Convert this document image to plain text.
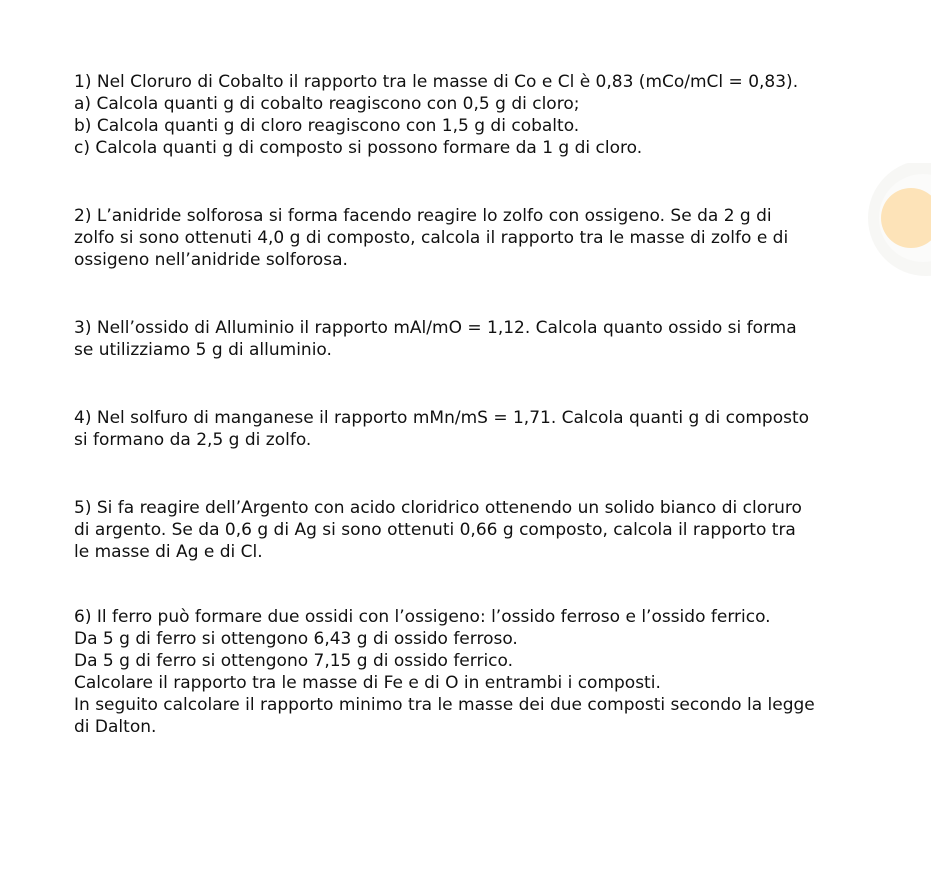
1) Nel Cloruro di Cobalto il rapporto tra le masse di Co e Cl è 0,83 (mCo/mCl = 0,83).
a) Calcola quanti g di cobalto reagiscono con 0,5 g di cloro;
b) Calcola quanti g di cloro reagiscono con 1,5 g di cobalto.
c) Calcola quanti g di composto si possono formare da 1 g di cloro.
2) L’anidride solforosa si forma facendo reagire lo zolfo con ossigeno. Se da 2 g di
zolfo si sono ottenuti 4,0 g di composto, calcola il rapporto tra le masse di zolfo e di
ossigeno nell’anidride solforosa.
3) Nell’ossido di Alluminio il rapporto mAl/mO = 1,12. Calcola quanto ossido si forma
se utilizziamo 5 g di alluminio.
4) Nel solfuro di manganese il rapporto mMn/mS = 1,71. Calcola quanti g di composto
si formano da 2,5 g di zolfo.
5) Si fa reagire dell’Argento con acido cloridrico ottenendo un solido bianco di cloruro
di argento. Se da 0,6 g di Ag si sono ottenuti 0,66 g composto, calcola il rapporto tra
le masse di Ag e di Cl.
6) Il ferro può formare due ossidi con l’ossigeno: l’ossido ferroso e l’ossido ferrico.
Da 5 g di ferro si ottengono 6,43 g di ossido ferroso.
Da 5 g di ferro si ottengono 7,15 g di ossido ferrico.
Calcolare il rapporto tra le masse di Fe e di O in entrambi i composti.
In seguito calcolare il rapporto minimo tra le masse dei due composti secondo la legge
di Dalton.
